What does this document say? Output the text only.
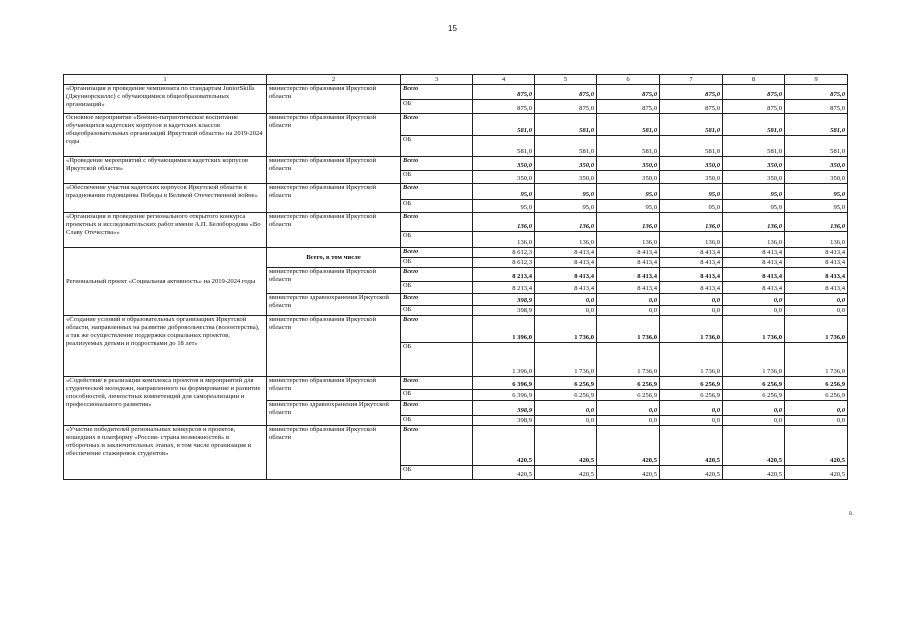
15
1	2	3	4	5	6	7	8	9
«Организация и проведение чемпионата по стандартам JuniorSkills (Джуниорскиллс) с обучающимися общеобразовательных организаций»	министерство образования Иркутской области	Всего	875,0	875,0	875,0	875,0	875,0	875,0
		ОБ	875,0	875,0	875,0	875,0	875,0	875,0
Основное мероприятие «Военно-патриотическое воспитание обучающихся кадетских корпусов и кадетских классов общеобразовательных организаций Иркутской области» на 2019-2024 годы	министерство образования Иркутской области	Всего	581,0	581,0	581,0	581,0	581,0	581,0
		ОБ	581,0	581,0	581,0	581,0	581,0	581,0
«Проведение мероприятий с обучающимися кадетских корпусов Иркутской области»	министерство образования Иркутской области	Всего	350,0	350,0	350,0	350,0	350,0	350,0
		ОБ	350,0	350,0	350,0	350,0	350,0	350,0
«Обеспечение участия кадетских корпусов Иркутской области в праздновании годовщины Победы в Великой Отечественной войне»	министерство образования Иркутской области	Всего	95,0	95,0	95,0	95,0	95,0	95,0
		ОБ	95,0	95,0	95,0	95,0	95,0	95,0
«Организация и проведение регионального открытого конкурса проектных и исследовательских работ имени А.П. Белобородова «Во Славу Отечества»»	министерство образования Иркутской области	Всего	136,0	136,0	136,0	136,0	136,0	136,0
		ОБ	136,0	136,0	136,0	136,0	136,0	136,0
Региональный проект «Социальная активность» на 2019-2024 годы	Всего, в том числе	Всего	8 612,3	8 413,4	8 413,4	8 413,4	8 413,4	8 413,4
		ОБ	8 612,3	8 413,4	8 413,4	8 413,4	8 413,4	8 413,4
	министерство образования Иркутской области	Всего	8 213,4	8 413,4	8 413,4	8 413,4	8 413,4	8 413,4
		ОБ	8 213,4	8 413,4	8 413,4	8 413,4	8 413,4	8 413,4
	министерство здравоохранения Иркутской области	Всего	398,9	0,0	0,0	0,0	0,0	0,0
		ОБ	398,9	0,0	0,0	0,0	0,0	0,0
«Создание условий в образовательных организациях Иркутской области, направленных на развитие добровольчества (волонтерства), а так же осуществление поддержки социальных проектов, реализуемых детьми и подростками до 18 лет»	министерство образования Иркутской области	Всего	1 396,0	1 736,0	1 736,0	1 736,0	1 736,0	1 736,0
		ОБ	1 396,0	1 736,0	1 736,0	1 736,0	1 736,0	1 736,0
«Содействие в реализации комплекса проектов и мероприятий для студенческой молодежи, направленного на формирование и развитие способностей, личностных компетенций для самореализации и профессионального развития»	министерство образования Иркутской области	Всего	6 396,9	6 256,9	6 256,9	6 256,9	6 256,9	6 256,9
		ОБ	6 396,9	6 256,9	6 256,9	6 256,9	6 256,9	6 256,9
	министерство здравоохранения Иркутской области	Всего	398,9	0,0	0,0	0,0	0,0	0,0
		ОБ	398,9	0,0	0,0	0,0	0,0	0,0
«Участие победителей региональных конкурсов и проектов, вошедших в платформу «Россия- страна возможностей» в отборочных и заключительных этапах, в том числе организация и обеспечение стажировок студентов»	министерство образования Иркутской области	Всего	420,5	420,5	420,5	420,5	420,5	420,5
		ОБ	420,5	420,5	420,5	420,5	420,5	420,5
в.
